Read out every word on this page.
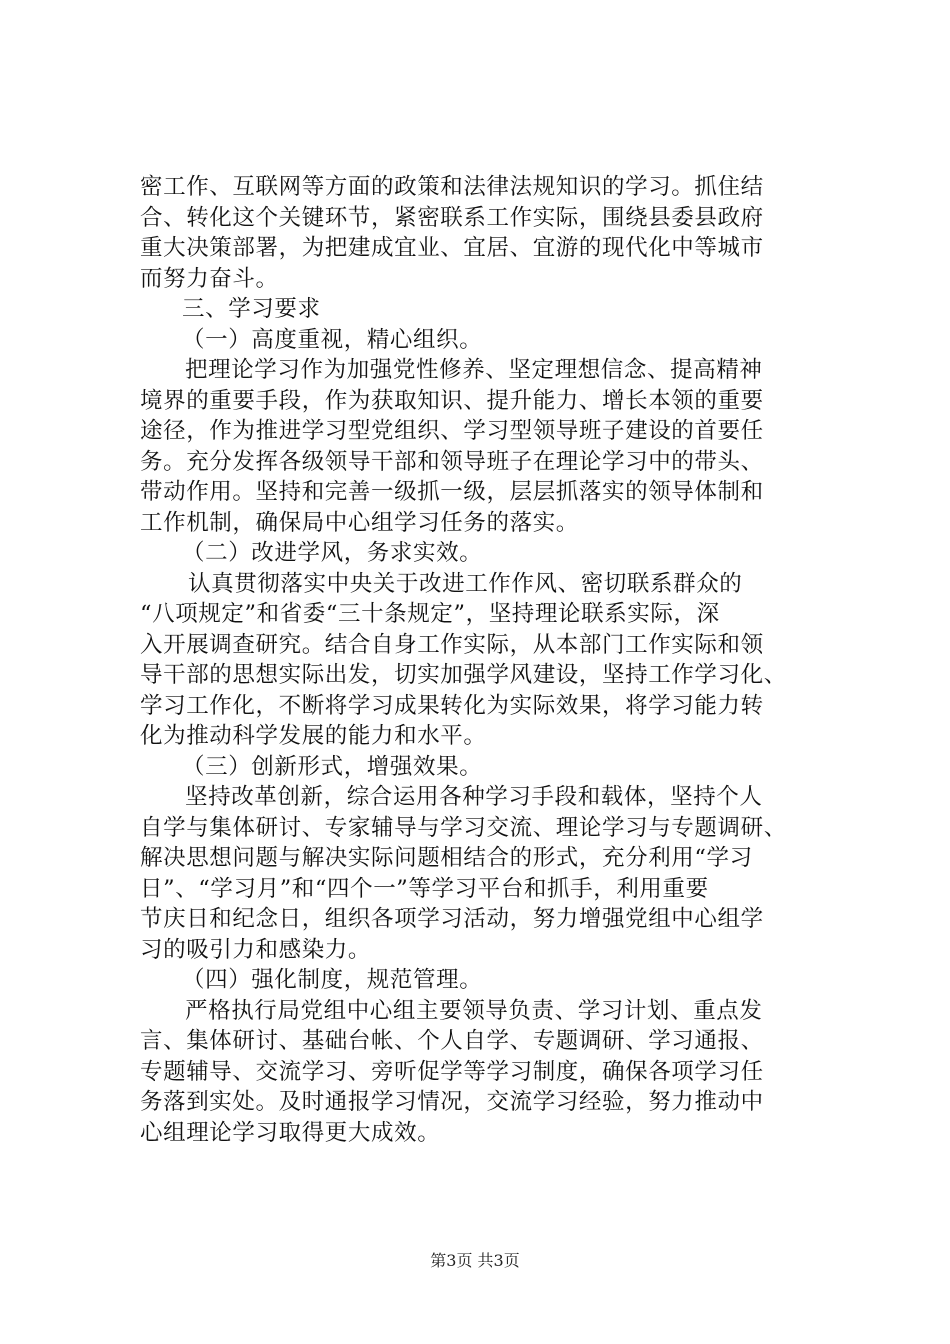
密工作、互联网等方面的政策和法律法规知识的学习。抓住结
合、转化这个关键环节，紧密联系工作实际，围绕县委县政府
重大决策部署，为把建成宜业、宜居、宜游的现代化中等城市
而努力奋斗。
三、学习要求
（一）高度重视，精心组织。
把理论学习作为加强党性修养、坚定理想信念、提高精神
境界的重要手段，作为获取知识、提升能力、增长本领的重要
途径，作为推进学习型党组织、学习型领导班子建设的首要任
务。充分发挥各级领导干部和领导班子在理论学习中的带头、
带动作用。坚持和完善一级抓一级，层层抓落实的领导体制和
工作机制，确保局中心组学习任务的落实。
（二）改进学风，务求实效。
认真贯彻落实中央关于改进工作作风、密切联系群众的
“八项规定”和省委“三十条规定”，坚持理论联系实际，深
入开展调查研究。结合自身工作实际，从本部门工作实际和领
导干部的思想实际出发，切实加强学风建设，坚持工作学习化、
学习工作化，不断将学习成果转化为实际效果，将学习能力转
化为推动科学发展的能力和水平。
（三）创新形式，增强效果。
坚持改革创新，综合运用各种学习手段和载体，坚持个人
自学与集体研讨、专家辅导与学习交流、理论学习与专题调研、
解决思想问题与解决实际问题相结合的形式，充分利用“学习
日”、“学习月”和“四个一”等学习平台和抓手，利用重要
节庆日和纪念日，组织各项学习活动，努力增强党组中心组学
习的吸引力和感染力。
（四）强化制度，规范管理。
严格执行局党组中心组主要领导负责、学习计划、重点发
言、集体研讨、基础台帐、个人自学、专题调研、学习通报、
专题辅导、交流学习、旁听促学等学习制度，确保各项学习任
务落到实处。及时通报学习情况，交流学习经验，努力推动中
心组理论学习取得更大成效。
第3页 共3页
